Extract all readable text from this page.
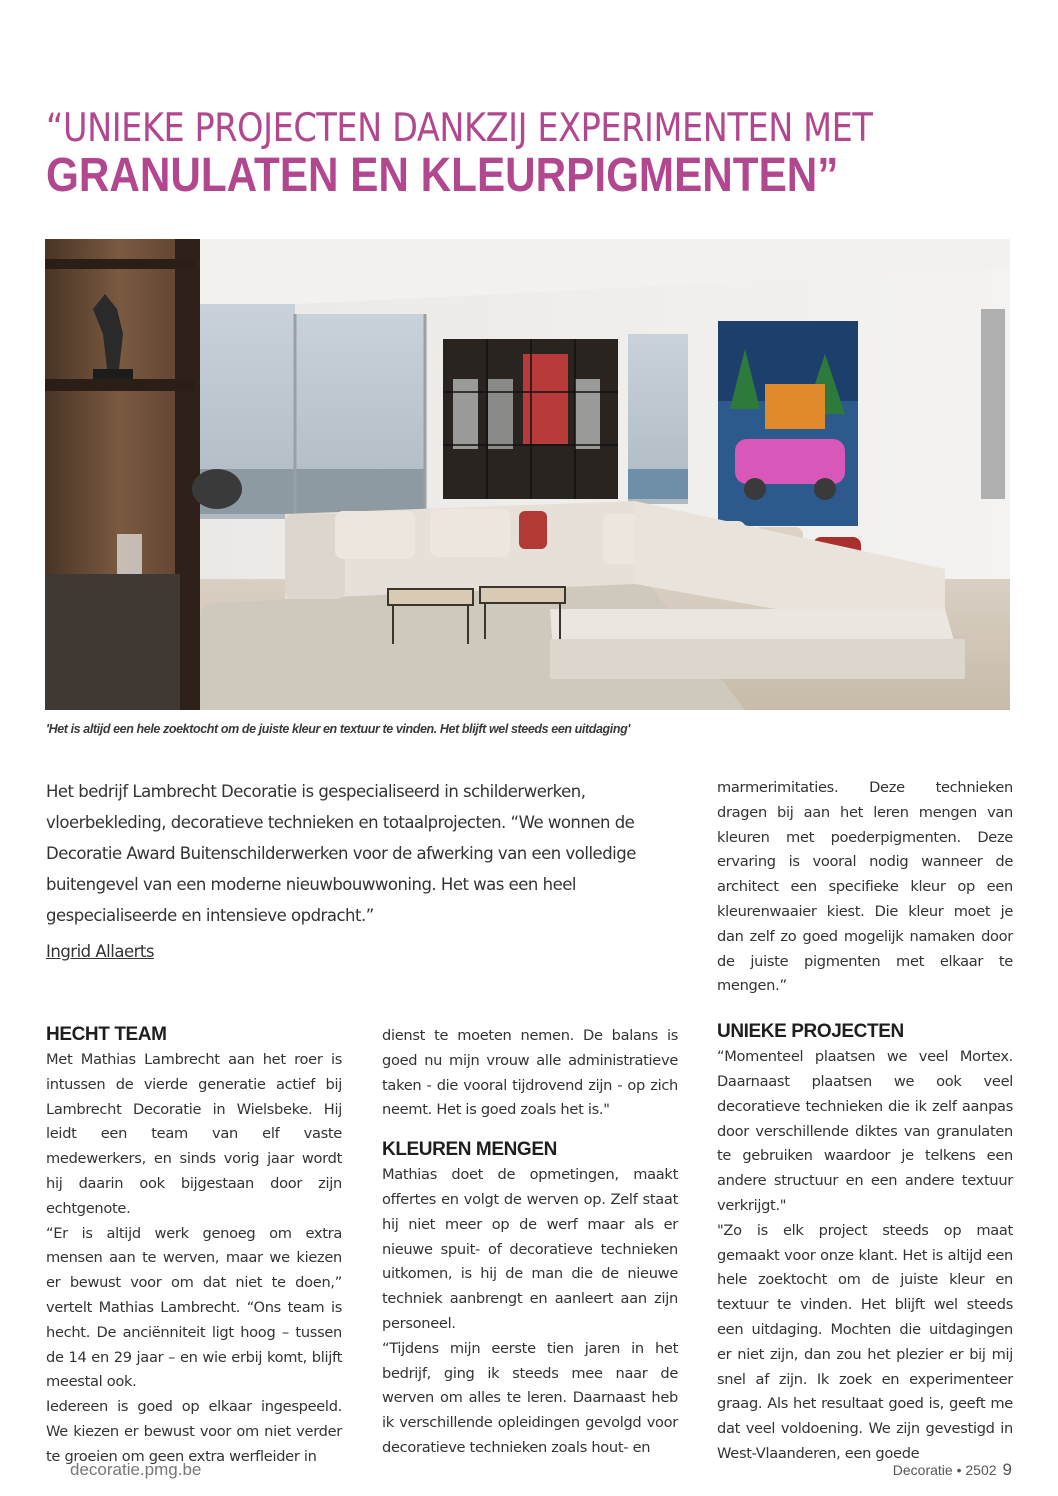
“UNIEKE PROJECTEN DANKZIJ EXPERIMENTEN MET
GRANULATEN EN KLEURPIGMENTEN”
'Het is altijd een hele zoektocht om de juiste kleur en textuur te vinden. Het blijft wel steeds een uitdaging'

Het bedrijf Lambrecht Decoratie is gespecialiseerd in schilderwerken, vloerbekleding, decoratieve technieken en totaalprojecten. “We wonnen de Decoratie Award Buitenschilderwerken voor de afwerking van een volledige buitengevel van een moderne nieuwbouwwoning. Het was een heel gespecialiseerde en intensieve opdracht.”

Ingrid Allaerts
HECHT TEAM

Met Mathias Lambrecht aan het roer is intussen de vierde generatie actief bij Lambrecht Decoratie in Wielsbeke. Hij leidt een team van elf vaste medewerkers, en sinds vorig jaar wordt hij daarin ook bijgestaan door zijn echtgenote.

“Er is altijd werk genoeg om extra mensen aan te werven, maar we kiezen er bewust voor om dat niet te doen,” vertelt Mathias Lambrecht. “Ons team is hecht. De anciënniteit ligt hoog – tussen de 14 en 29 jaar – en wie erbij komt, blijft meestal ook.

Iedereen is goed op elkaar ingespeeld. We kiezen er bewust voor om niet verder te groeien om geen extra werfleider in

dienst te moeten nemen. De balans is goed nu mijn vrouw alle administratieve taken - die vooral tijdrovend zijn - op zich neemt. Het is goed zoals het is."

KLEUREN MENGEN

Mathias doet de opmetingen, maakt offertes en volgt de werven op. Zelf staat hij niet meer op de werf maar als er nieuwe spuit- of decoratieve technieken uitkomen, is hij de man die de nieuwe techniek aanbrengt en aanleert aan zijn personeel.

“Tijdens mijn eerste tien jaren in het bedrijf, ging ik steeds mee naar de werven om alles te leren. Daarnaast heb ik verschillende opleidingen gevolgd voor decoratieve technieken zoals hout- en

marmerimitaties. Deze technieken dragen bij aan het leren mengen van kleuren met poederpigmenten. Deze ervaring is vooral nodig wanneer de architect een specifieke kleur op een kleurenwaaier kiest. Die kleur moet je dan zelf zo goed mogelijk namaken door de juiste pigmenten met elkaar te mengen.”

UNIEKE PROJECTEN

“Momenteel plaatsen we veel Mortex. Daarnaast plaatsen we ook veel decoratieve technieken die ik zelf aanpas door verschillende diktes van granulaten te gebruiken waardoor je telkens een andere structuur en een andere textuur verkrijgt."

"Zo is elk project steeds op maat gemaakt voor onze klant. Het is altijd een hele zoektocht om de juiste kleur en textuur te vinden. Het blijft wel steeds een uitdaging. Mochten die uitdagingen er niet zijn, dan zou het plezier er bij mij snel af zijn. Ik zoek en experimenteer graag. Als het resultaat goed is, geeft me dat veel voldoening. We zijn gevestigd in West-Vlaanderen, een goede

decoratie.pmg.be	Decoratie • 2502 9
